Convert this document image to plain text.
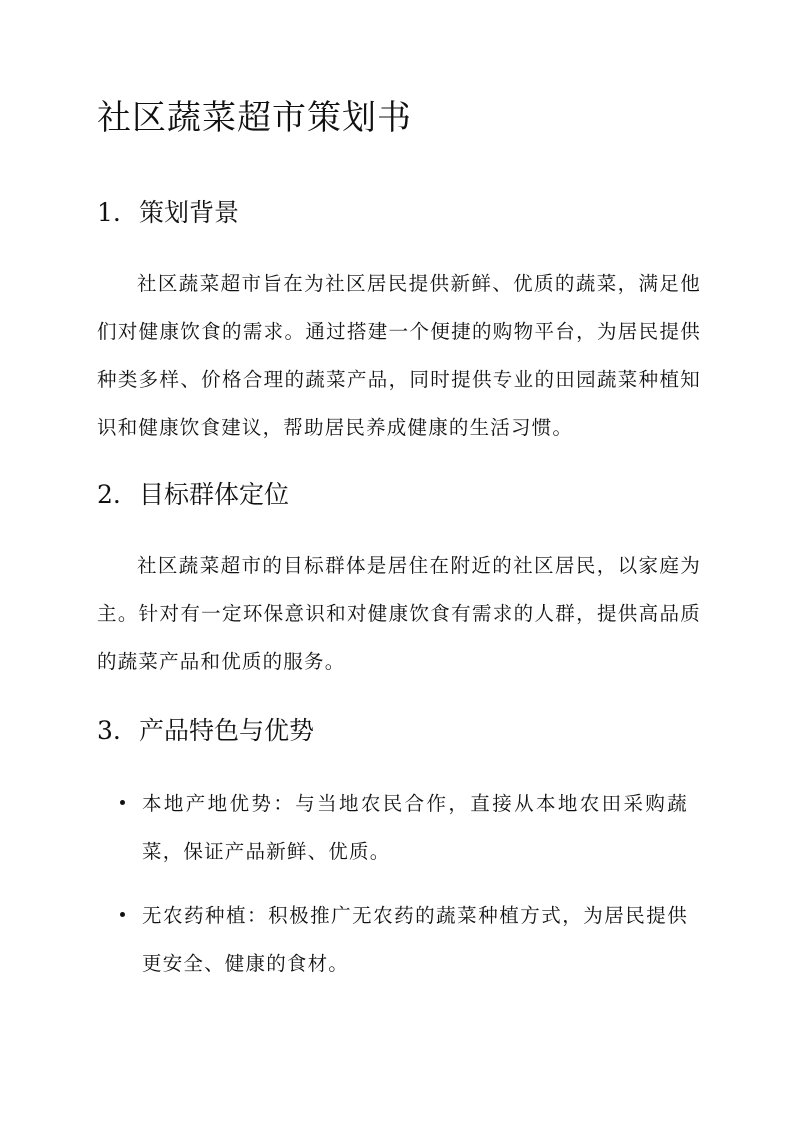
社区蔬菜超市策划书
1. 策划背景
社区蔬菜超市旨在为社区居民提供新鲜、优质的蔬菜，满足他们对健康饮食的需求。通过搭建一个便捷的购物平台，为居民提供种类多样、价格合理的蔬菜产品，同时提供专业的田园蔬菜种植知识和健康饮食建议，帮助居民养成健康的生活习惯。
2. 目标群体定位
社区蔬菜超市的目标群体是居住在附近的社区居民，以家庭为主。针对有一定环保意识和对健康饮食有需求的人群，提供高品质的蔬菜产品和优质的服务。
3. 产品特色与优势
本地产地优势：与当地农民合作，直接从本地农田采购蔬菜，保证产品新鲜、优质。
无农药种植：积极推广无农药的蔬菜种植方式，为居民提供更安全、健康的食材。
